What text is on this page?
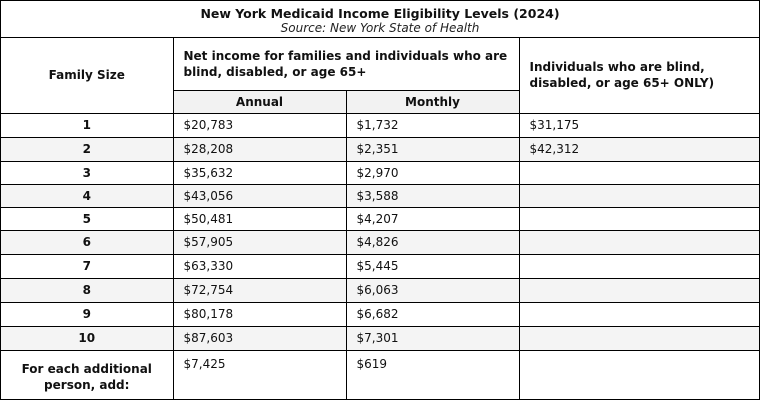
New York Medicaid Income Eligibility Levels (2024)
Source: New York State of Health
Family Size	Net income for families and individuals who are blind, disabled, or age 65+		Individuals who are blind, disabled, or age 65+ ONLY)
	Annual	Monthly	
1	$20,783	$1,732	$31,175
2	$28,208	$2,351	$42,312
3	$35,632	$2,970	
4	$43,056	$3,588	
5	$50,481	$4,207	
6	$57,905	$4,826	
7	$63,330	$5,445	
8	$72,754	$6,063	
9	$80,178	$6,682	
10	$87,603	$7,301	
For each additional person, add:	$7,425	$619	
